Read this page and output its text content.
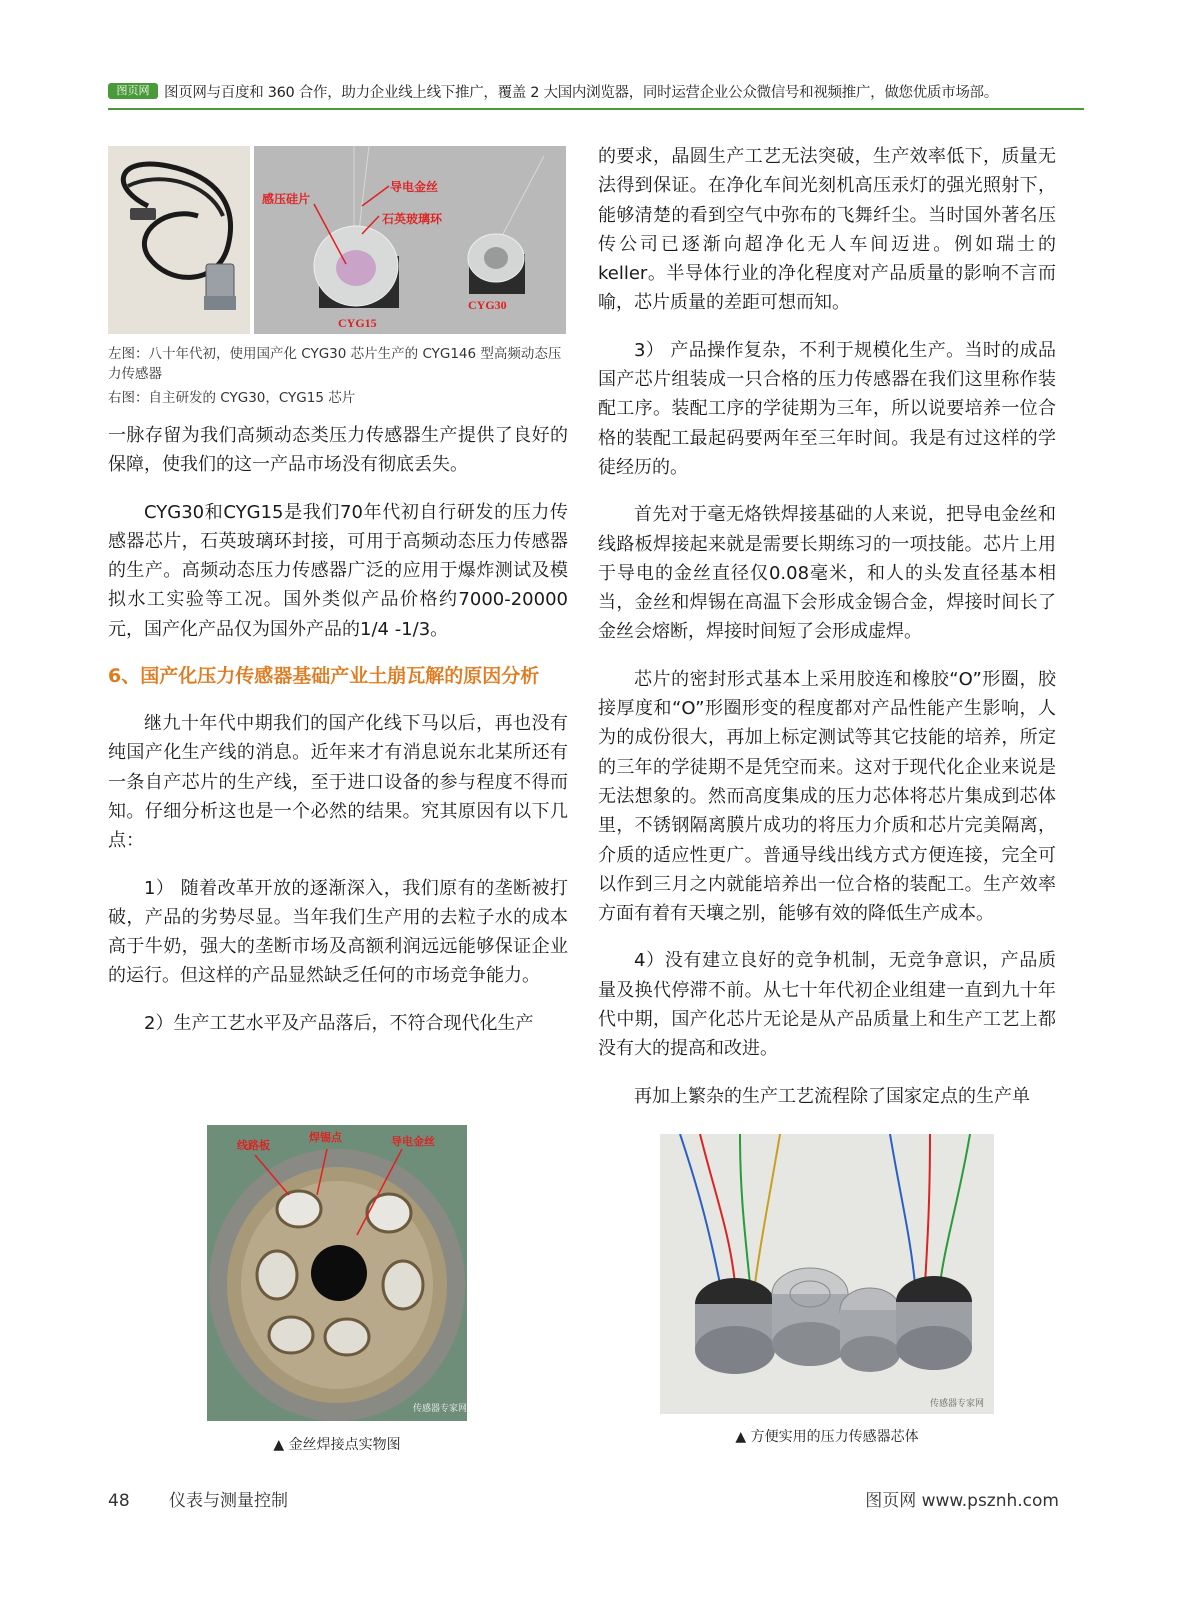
图页网	图页网与百度和 360 合作，助力企业线上线下推广，覆盖 2 大国内浏览器，同时运营企业公众微信号和视频推广，做您优质市场部。
感压硅片
导电金丝
石英玻璃环
CYG15
CYG30
左图：八十年代初，使用国产化 CYG30 芯片生产的 CYG146 型高频动态压力传感器
右图：自主研发的 CYG30，CYG15 芯片

一脉存留为我们高频动态类压力传感器生产提供了良好的保障，使我们的这一产品市场没有彻底丢失。

CYG30和CYG15是我们70年代初自行研发的压力传感器芯片，石英玻璃环封接，可用于高频动态压力传感器的生产。高频动态压力传感器广泛的应用于爆炸测试及模拟水工实验等工况。国外类似产品价格约7000-20000元，国产化产品仅为国外产品的1/4 -1/3。

6、国产化压力传感器基础产业土崩瓦解的原因分析

继九十年代中期我们的国产化线下马以后，再也没有纯国产化生产线的消息。近年来才有消息说东北某所还有一条自产芯片的生产线，至于进口设备的参与程度不得而知。仔细分析这也是一个必然的结果。究其原因有以下几点：

1） 随着改革开放的逐渐深入，我们原有的垄断被打破，产品的劣势尽显。当年我们生产用的去粒子水的成本高于牛奶，强大的垄断市场及高额利润远远能够保证企业的运行。但这样的产品显然缺乏任何的市场竞争能力。

2）生产工艺水平及产品落后，不符合现代化生产

的要求，晶圆生产工艺无法突破，生产效率低下，质量无法得到保证。在净化车间光刻机高压汞灯的强光照射下，能够清楚的看到空气中弥布的飞舞纤尘。当时国外著名压传公司已逐渐向超净化无人车间迈进。例如瑞士的keller。半导体行业的净化程度对产品质量的影响不言而喻，芯片质量的差距可想而知。

3） 产品操作复杂，不利于规模化生产。当时的成品国产芯片组装成一只合格的压力传感器在我们这里称作装配工序。装配工序的学徒期为三年，所以说要培养一位合格的装配工最起码要两年至三年时间。我是有过这样的学徒经历的。

首先对于毫无烙铁焊接基础的人来说，把导电金丝和线路板焊接起来就是需要长期练习的一项技能。芯片上用于导电的金丝直径仅0.08毫米，和人的头发直径基本相当，金丝和焊锡在高温下会形成金锡合金，焊接时间长了金丝会熔断，焊接时间短了会形成虚焊。

芯片的密封形式基本上采用胶连和橡胶“O”形圈，胶接厚度和“O”形圈形变的程度都对产品性能产生影响，人为的成份很大，再加上标定测试等其它技能的培养，所定的三年的学徒期不是凭空而来。这对于现代化企业来说是无法想象的。然而高度集成的压力芯体将芯片集成到芯体里，不锈钢隔离膜片成功的将压力介质和芯片完美隔离，介质的适应性更广。普通导线出线方式方便连接，完全可以作到三月之内就能培养出一位合格的装配工。生产效率方面有着有天壤之别，能够有效的降低生产成本。

4）没有建立良好的竞争机制，无竞争意识，产品质量及换代停滞不前。从七十年代初企业组建一直到九十年代中期，国产化芯片无论是从产品质量上和生产工艺上都没有大的提高和改进。

再加上繁杂的生产工艺流程除了国家定点的生产单

线路板
焊锡点	导电金丝
传感器专家网
▲ 金丝焊接点实物图
传感器专家网
▲ 方便实用的压力传感器芯体
48 仪表与测量控制	图页网 www.psznh.com
